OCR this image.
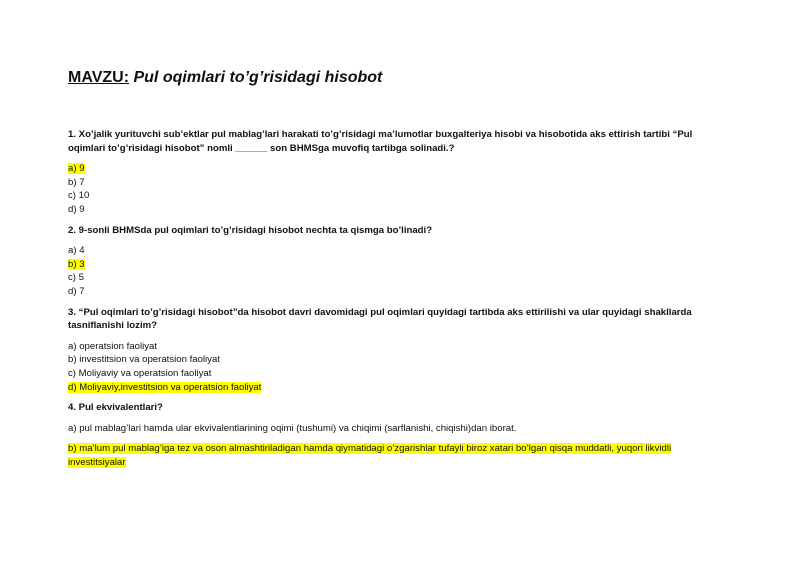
MAVZU: Pul oqimlari to’g’risidagi hisobot

1. Xo’jalik yurituvchi sub’ektlar pul mablag’lari harakati to’g’risidagi ma’lumotlar buxgalteriya hisobi va hisobotida aks ettirish tartibi “Pul oqimlari to’g’risidagi hisobot” nomli ______ son BHMSga muvofiq tartibga solinadi.?

a) 9
b) 7
c) 10
d) 9

2. 9-sonli BHMSda pul oqimlari to’g’risidagi hisobot nechta ta qismga bo’linadi?

a) 4
b) 3
c) 5
d) 7

3. “Pul oqimlari to’g’risidagi hisobot”da hisobot davri davomidagi pul oqimlari quyidagi tartibda aks ettirilishi va ular quyidagi shakllarda tasniflanishi lozim?

a) operatsion faoliyat
b) investitsion va operatsion faoliyat
c) Moliyaviy va operatsion faoliyat
d) Moliyaviy,investitsion va operatsion faoliyat

4. Pul ekvivalentlari?

a) pul mablag’lari hamda ular ekvivalentlarining oqimi (tushumi) va chiqimi (sarflanishi, chiqishi)dan iborat.

b) ma’lum pul mablag’iga tez va oson almashtiriladigan hamda qiymatidagi o’zgarishlar tufayli biroz xatari bo’lgan qisqa muddatli, yuqori likvidli investitsiyalar
